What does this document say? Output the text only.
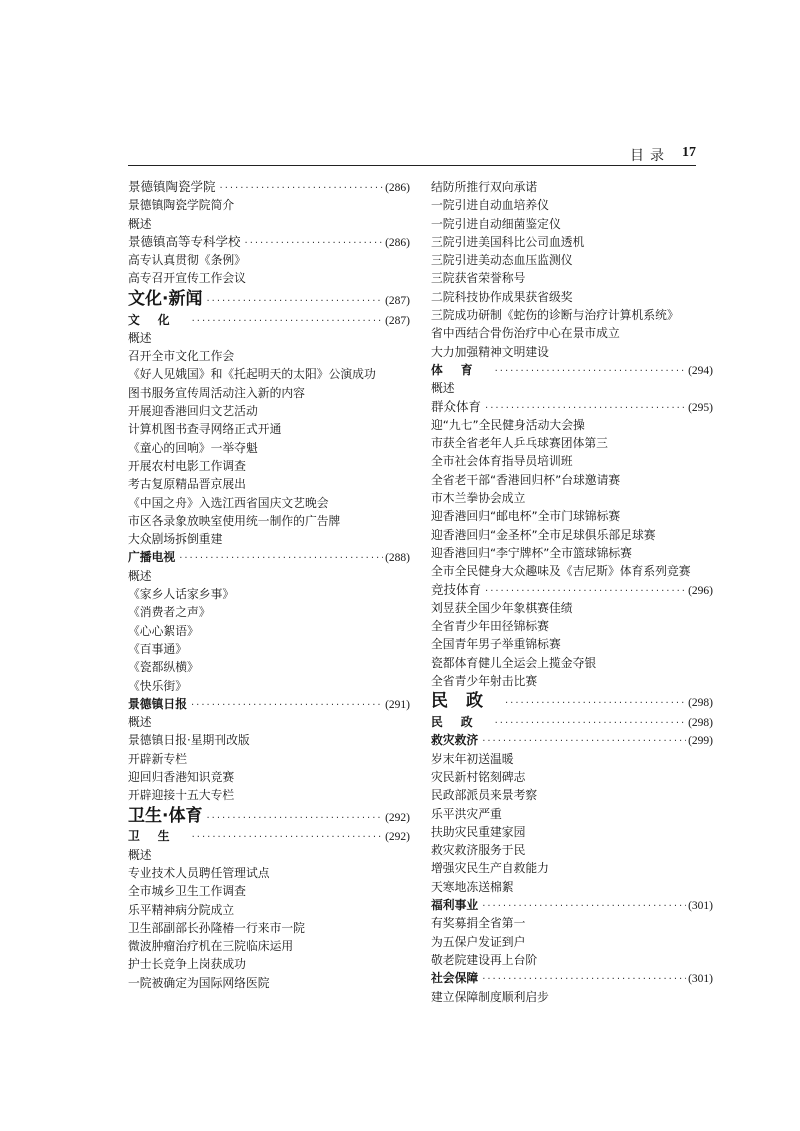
目录 17
景德镇陶瓷学院 ·····	(286)
景德镇陶瓷学院简介
概述
景德镇高等专科学校 ·····	(286)
高专认真贯彻《条例》
高专召开宣传工作会议
文化·新闻 ·····	(287)
文化 ·····	(287)
概述
召开全市文化工作会
《好人见娥国》和《托起明天的太阳》公演成功
图书服务宣传周活动注入新的内容
开展迎香港回归文艺活动
计算机图书查寻网络正式开通
《童心的回响》一举夺魁
开展农村电影工作调查
考古复原精品晋京展出
《中国之舟》入选江西省国庆文艺晚会
市区各录象放映室使用统一制作的广告牌
大众剧场拆倒重建
广播电视 ·····	(288)
概述
《家乡人话家乡事》
《消费者之声》
《心心絮语》
《百事通》
《瓷都纵横》
《快乐街》
景德镇日报 ·····	(291)
概述
景德镇日报·星期刊改版
开辟新专栏
迎回归香港知识竞赛
开辟迎接十五大专栏
卫生·体育 ·····	(292)
卫生 ·····	(292)
概述
专业技术人员聘任管理试点
全市城乡卫生工作调查
乐平精神病分院成立
卫生部副部长孙隆椿一行来市一院
微波肿瘤治疗机在三院临床运用
护士长竞争上岗获成功
一院被确定为国际网络医院
结防所推行双向承诺
一院引进自动血培养仪
一院引进自动细菌鉴定仪
三院引进美国科比公司血透机
三院引进美动态血压监测仪
三院获省荣誉称号
二院科技协作成果获省级奖
三院成功研制《蛇伤的诊断与治疗计算机系统》
省中西结合骨伤治疗中心在景市成立
大力加强精神文明建设
体育 ·····	(294)
概述
群众体育 ·····	(295)
迎“九七”全民健身活动大会操
市获全省老年人乒乓球赛团体第三
全市社会体育指导员培训班
全省老干部“香港回归杯”台球邀请赛
市木兰拳协会成立
迎香港回归“邮电杯”全市门球锦标赛
迎香港回归“金圣杯”全市足球俱乐部足球赛
迎香港回归“李宁牌杯”全市篮球锦标赛
全市全民健身大众趣味及《吉尼斯》体育系列竞赛
竞技体育 ·····	(296)
刘昱获全国少年象棋赛佳绩
全省青少年田径锦标赛
全国青年男子举重锦标赛
瓷都体育健儿全运会上揽金夺银
全省青少年射击比赛
民政 ·····	(298)
民政 ·····	(298)
救灾救济 ·····	(299)
岁末年初送温暖
灾民新村铭刻碑志
民政部派员来景考察
乐平洪灾严重
扶助灾民重建家园
救灾救济服务于民
增强灾民生产自救能力
天寒地冻送棉絮
福利事业 ·····	(301)
有奖募捐全省第一
为五保户发证到户
敬老院建设再上台阶
社会保障 ·····	(301)
建立保障制度顺利启步
